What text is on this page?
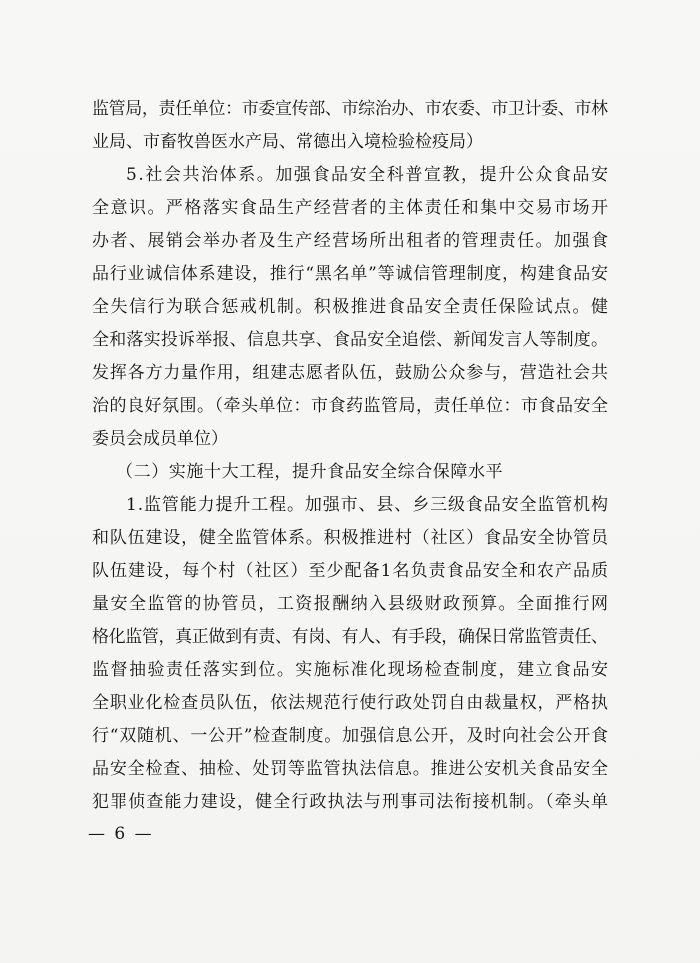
监管局，责任单位：市委宣传部、市综治办、市农委、市卫计委、市林
业局、市畜牧兽医水产局、常德出入境检验检疫局）
5.社会共治体系。加强食品安全科普宣教，提升公众食品安
全意识。严格落实食品生产经营者的主体责任和集中交易市场开
办者、展销会举办者及生产经营场所出租者的管理责任。加强食
品行业诚信体系建设，推行“黑名单”等诚信管理制度，构建食品安
全失信行为联合惩戒机制。积极推进食品安全责任保险试点。健
全和落实投诉举报、信息共享、食品安全追偿、新闻发言人等制度。
发挥各方力量作用，组建志愿者队伍，鼓励公众参与，营造社会共
治的良好氛围。（牵头单位：市食药监管局，责任单位：市食品安全
委员会成员单位）
（二）实施十大工程，提升食品安全综合保障水平
1.监管能力提升工程。加强市、县、乡三级食品安全监管机构
和队伍建设，健全监管体系。积极推进村（社区）食品安全协管员
队伍建设，每个村（社区）至少配备1名负责食品安全和农产品质
量安全监管的协管员，工资报酬纳入县级财政预算。全面推行网
格化监管，真正做到有责、有岗、有人、有手段，确保日常监管责任、
监督抽验责任落实到位。实施标准化现场检查制度，建立食品安
全职业化检查员队伍，依法规范行使行政处罚自由裁量权，严格执
行“双随机、一公开”检查制度。加强信息公开，及时向社会公开食
品安全检查、抽检、处罚等监管执法信息。推进公安机关食品安全
犯罪侦查能力建设，健全行政执法与刑事司法衔接机制。（牵头单
— 6 —
